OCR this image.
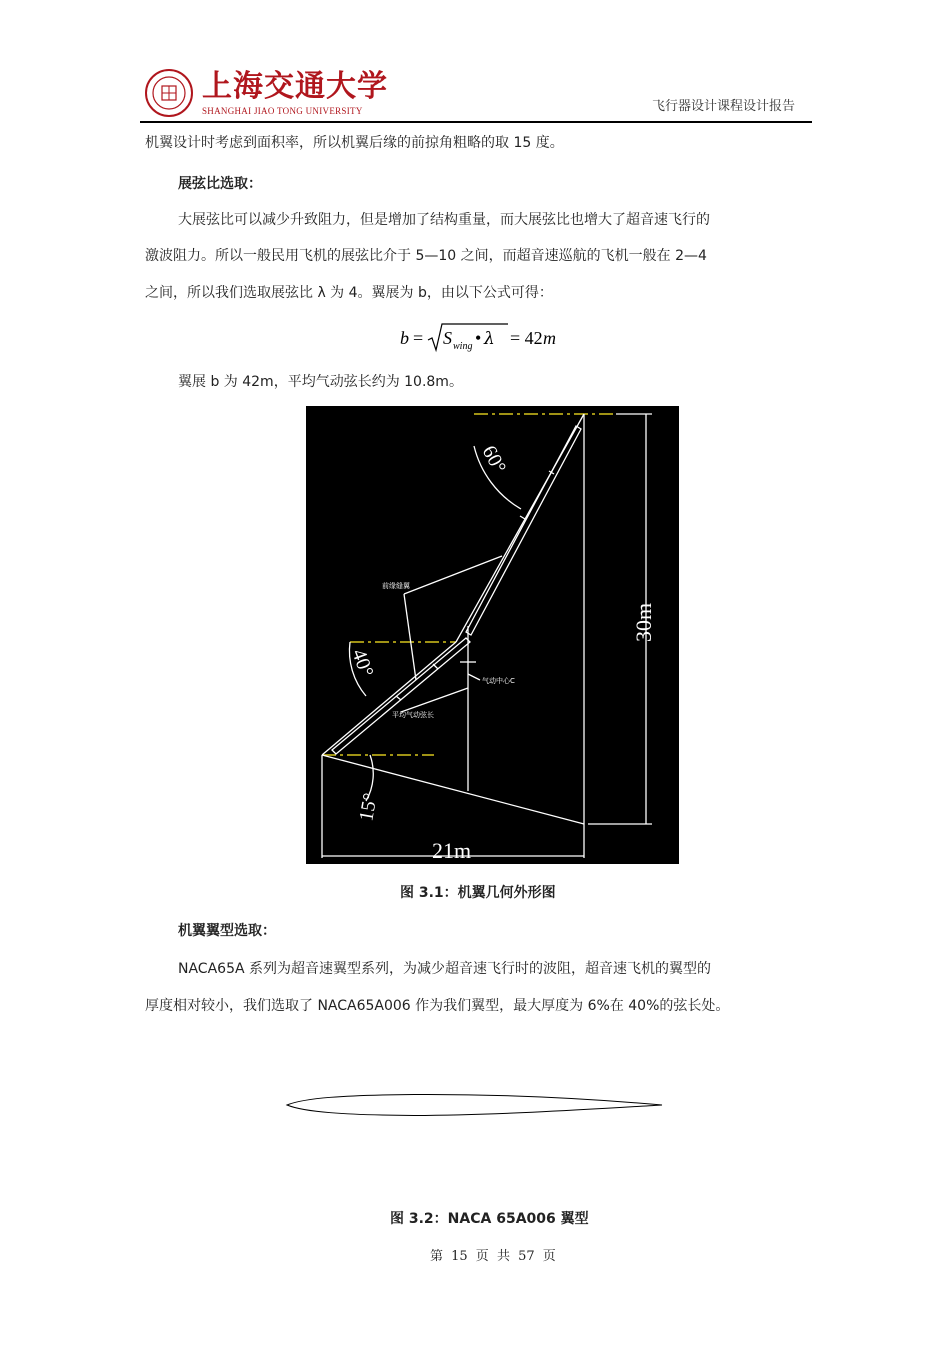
上海交通大学
SHANGHAI JIAO TONG UNIVERSITY	飞行器设计课程设计报告
机翼设计时考虑到面积率，所以机翼后缘的前掠角粗略的取 15 度。
展弦比选取：
大展弦比可以减少升致阻力，但是增加了结构重量，而大展弦比也增大了超音速飞行的
激波阻力。所以一般民用飞机的展弦比介于 5—10 之间，而超音速巡航的飞机一般在 2—4
之间，所以我们选取展弦比 λ 为 4。翼展为 b，由以下公式可得：
b = S wing • λ = 42 m
翼展 b 为 42m，平均气动弦长约为 10.8m。
60°
40°
15°
30m
21m
前缘缝翼
气动中心C
平均气动弦长
图 3.1：机翼几何外形图
机翼翼型选取：
NACA65A 系列为超音速翼型系列，为减少超音速飞行时的波阻，超音速飞机的翼型的
厚度相对较小，我们选取了 NACA65A006 作为我们翼型，最大厚度为 6%在 40%的弦长处。
图 3.2：NACA 65A006 翼型
第 15 页 共 57 页
